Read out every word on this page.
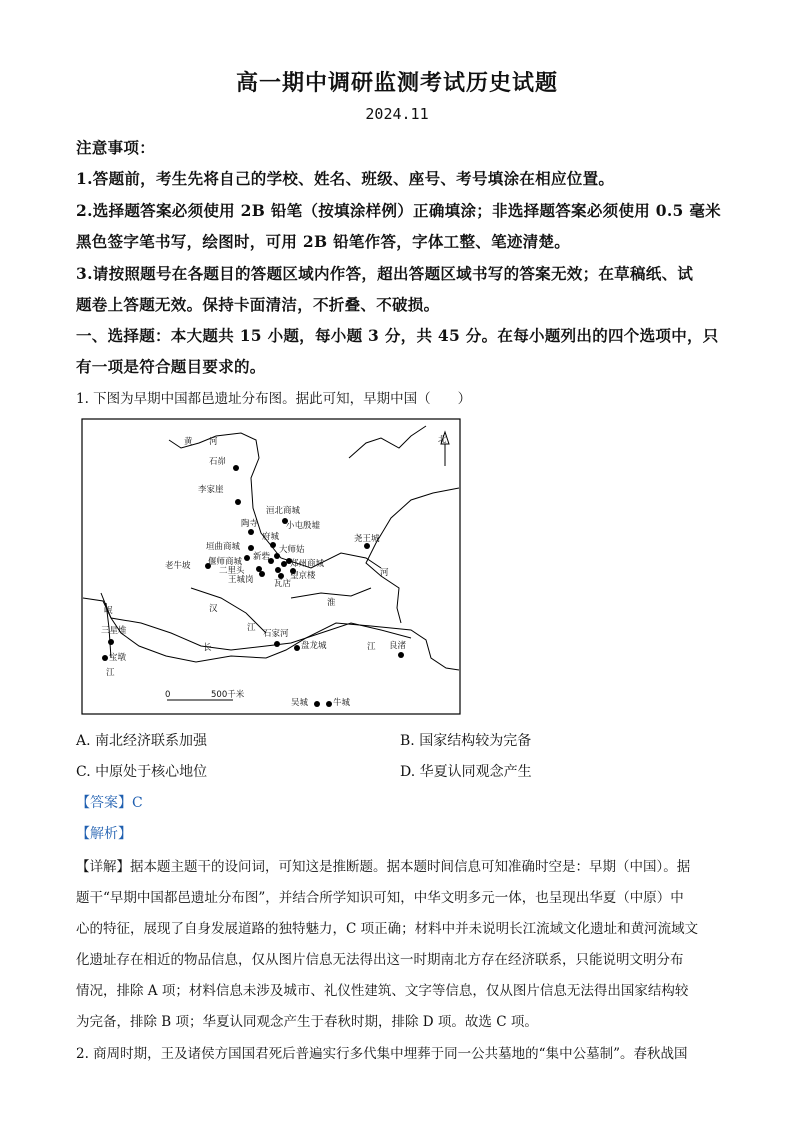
高一期中调研监测考试历史试题
2024.11
注意事项：
1.答题前，考生先将自己的学校、姓名、班级、座号、考号填涂在相应位置。
2.选择题答案必须使用 2B 铅笔（按填涂样例）正确填涂；非选择题答案必须使用 0.5 毫米
黑色签字笔书写，绘图时，可用 2B 铅笔作答，字体工整、笔迹清楚。
3.请按照题号在各题目的答题区域内作答，超出答题区域书写的答案无效；在草稿纸、试
题卷上答题无效。保持卡面清洁，不折叠、不破损。
一、选择题：本大题共 15 小题，每小题 3 分，共 45 分。在每小题列出的四个选项中，只
有一项是符合题目要求的。
1. 下图为早期中国都邑遗址分布图。据此可知，早期中国（　　）
北
0	500千米
黄 河
汉
江
长	江
淮
河
岷
江
石峁
李家崖
洹北商城
小屯殷墟
陶寺
府城
垣曲商城	大师姑
新砦
偃师商城
二里头
郑州商城
老牛坡
王城岗	望京楼
瓦店
尧王城
三星堆
宝墩
石家河
盘龙城	良渚
吴城	牛城
A. 南北经济联系加强	B. 国家结构较为完备
C. 中原处于核心地位	D. 华夏认同观念产生
【答案】C
【解析】
【详解】据本题主题干的设问词，可知这是推断题。据本题时间信息可知准确时空是：早期（中国）。据
题干“早期中国都邑遗址分布图”，并结合所学知识可知，中华文明多元一体，也呈现出华夏（中原）中
心的特征，展现了自身发展道路的独特魅力，C 项正确；材料中并未说明长江流域文化遗址和黄河流域文
化遗址存在相近的物品信息，仅从图片信息无法得出这一时期南北方存在经济联系，只能说明文明分布
情况，排除 A 项；材料信息未涉及城市、礼仪性建筑、文字等信息，仅从图片信息无法得出国家结构较
为完备，排除 B 项；华夏认同观念产生于春秋时期，排除 D 项。故选 C 项。
2. 商周时期，王及诸侯方国国君死后普遍实行多代集中埋葬于同一公共墓地的“集中公墓制”。春秋战国
